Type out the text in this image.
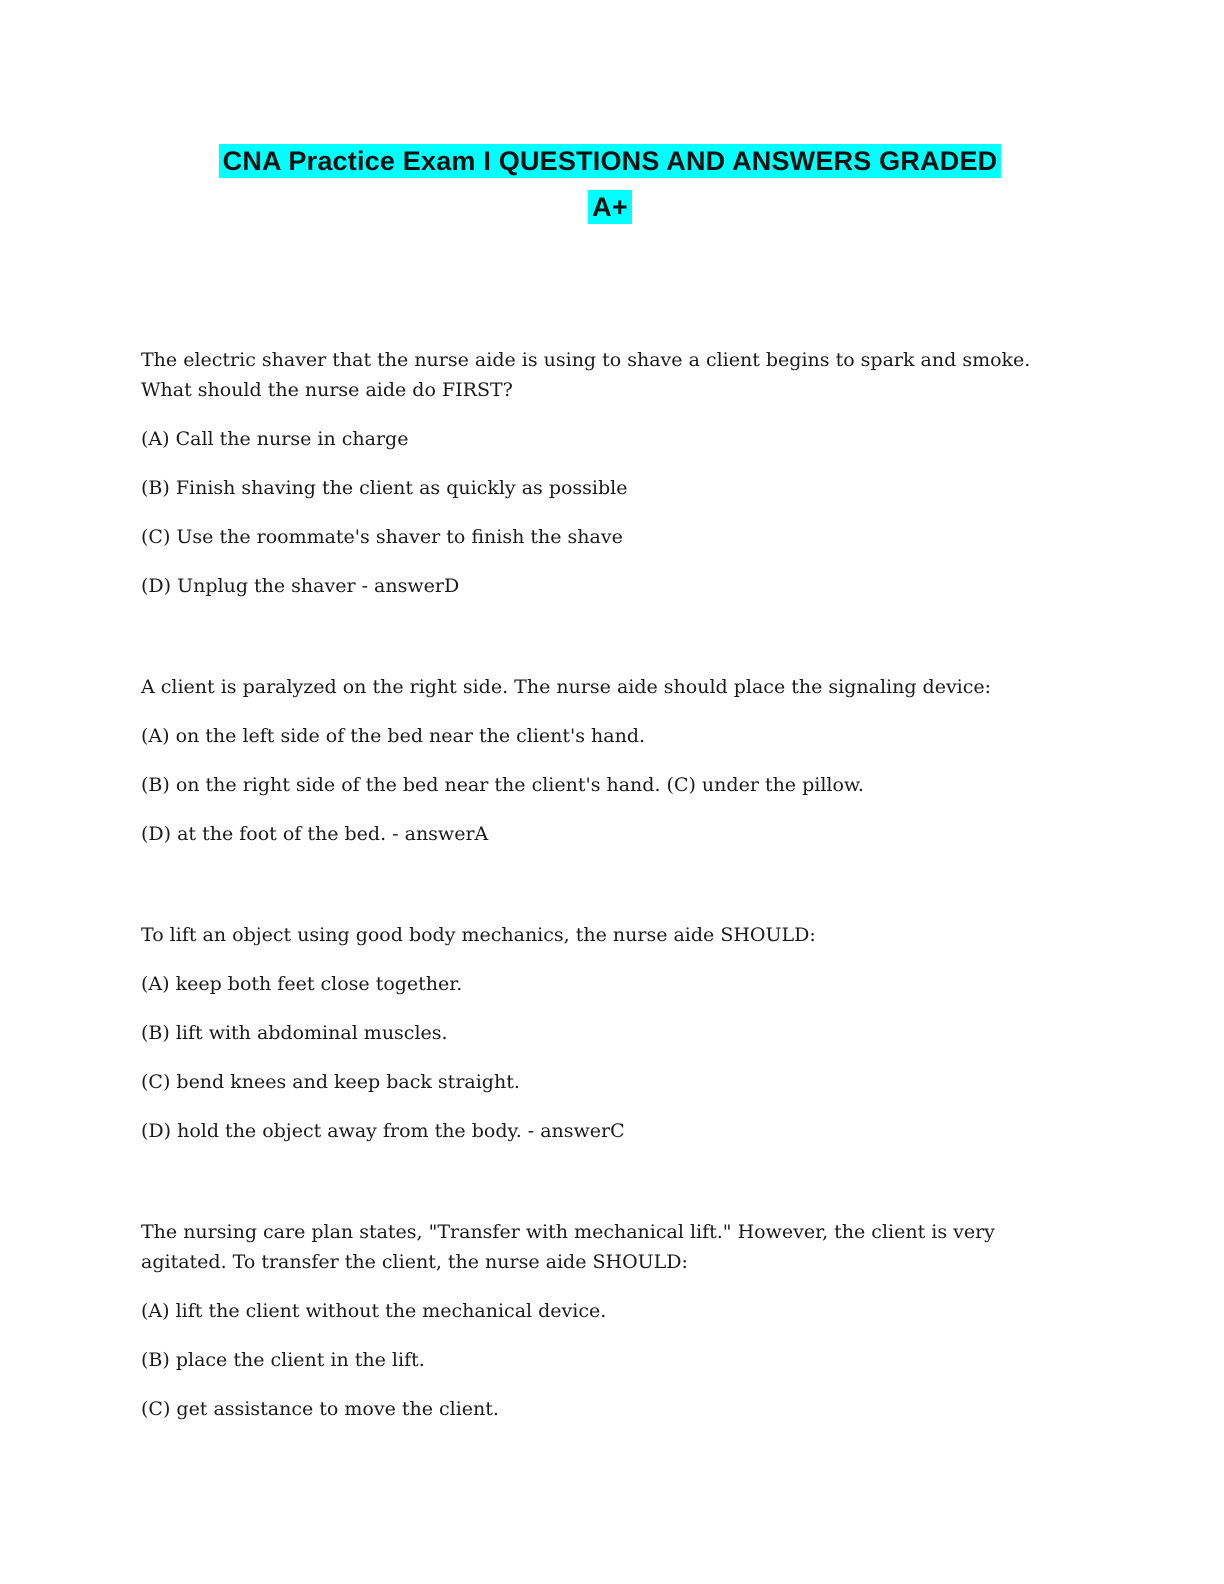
CNA Practice Exam I QUESTIONS AND ANSWERS GRADED
A+
The electric shaver that the nurse aide is using to shave a client begins to spark and smoke. What should the nurse aide do FIRST?
(A) Call the nurse in charge
(B) Finish shaving the client as quickly as possible
(C) Use the roommate's shaver to finish the shave
(D) Unplug the shaver - answerD
A client is paralyzed on the right side. The nurse aide should place the signaling device:
(A) on the left side of the bed near the client's hand.
(B) on the right side of the bed near the client's hand. (C) under the pillow.
(D) at the foot of the bed. - answerA
To lift an object using good body mechanics, the nurse aide SHOULD:
(A) keep both feet close together.
(B) lift with abdominal muscles.
(C) bend knees and keep back straight.
(D) hold the object away from the body. - answerC
The nursing care plan states, "Transfer with mechanical lift." However, the client is very agitated. To transfer the client, the nurse aide SHOULD:
(A) lift the client without the mechanical device.
(B) place the client in the lift.
(C) get assistance to move the client.
